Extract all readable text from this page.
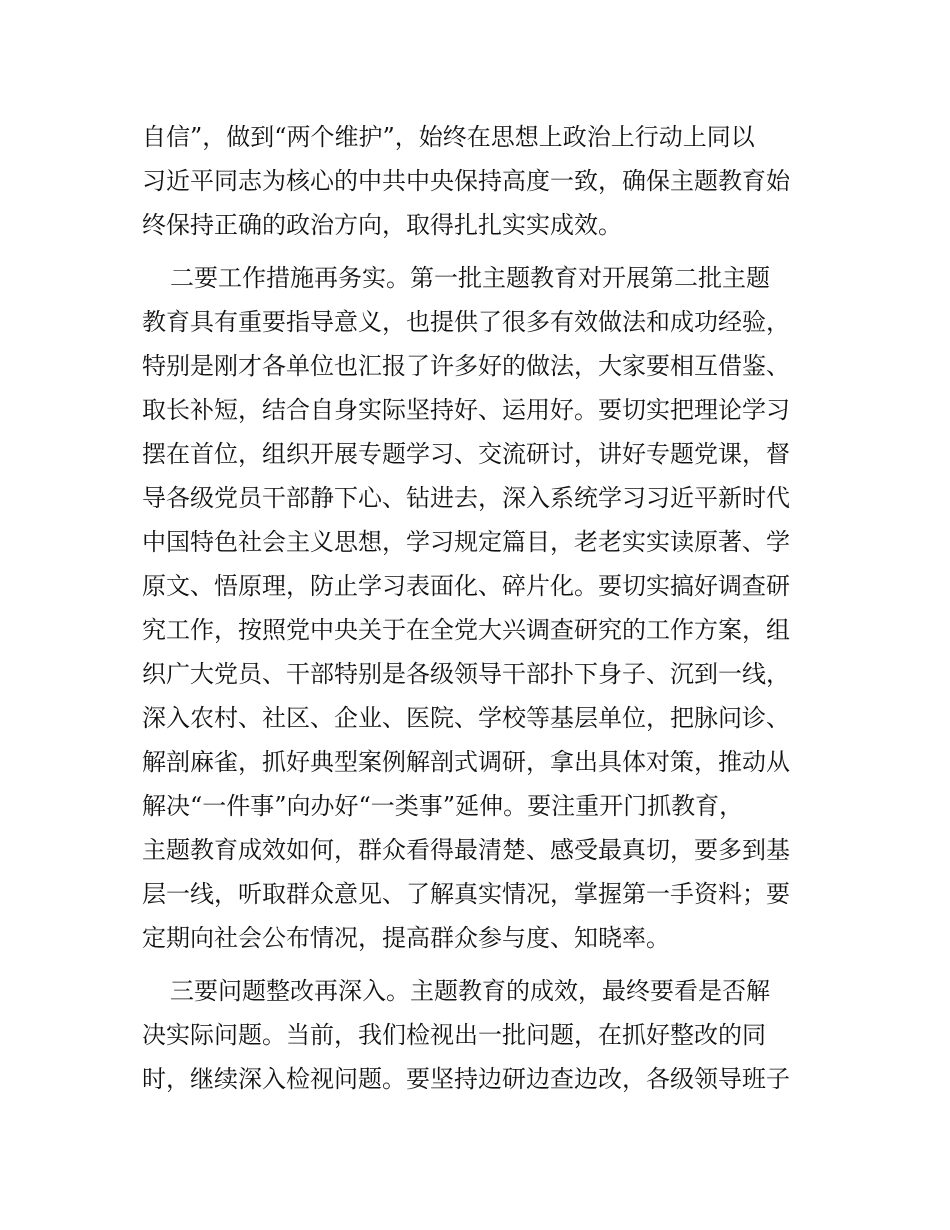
自信”，做到“两个维护”，始终在思想上政治上行动上同以
习近平同志为核心的中共中央保持高度一致，确保主题教育始
终保持正确的政治方向，取得扎扎实实成效。
二要工作措施再务实。第一批主题教育对开展第二批主题
教育具有重要指导意义，也提供了很多有效做法和成功经验，
特别是刚才各单位也汇报了许多好的做法，大家要相互借鉴、
取长补短，结合自身实际坚持好、运用好。要切实把理论学习
摆在首位，组织开展专题学习、交流研讨，讲好专题党课，督
导各级党员干部静下心、钻进去，深入系统学习习近平新时代
中国特色社会主义思想，学习规定篇目，老老实实读原著、学
原文、悟原理，防止学习表面化、碎片化。要切实搞好调查研
究工作，按照党中央关于在全党大兴调查研究的工作方案，组
织广大党员、干部特别是各级领导干部扑下身子、沉到一线，
深入农村、社区、企业、医院、学校等基层单位，把脉问诊、
解剖麻雀，抓好典型案例解剖式调研，拿出具体对策，推动从
解决“一件事”向办好“一类事”延伸。要注重开门抓教育，
主题教育成效如何，群众看得最清楚、感受最真切，要多到基
层一线，听取群众意见、了解真实情况，掌握第一手资料；要
定期向社会公布情况，提高群众参与度、知晓率。
三要问题整改再深入。主题教育的成效，最终要看是否解
决实际问题。当前，我们检视出一批问题，在抓好整改的同
时，继续深入检视问题。要坚持边研边查边改，各级领导班子
